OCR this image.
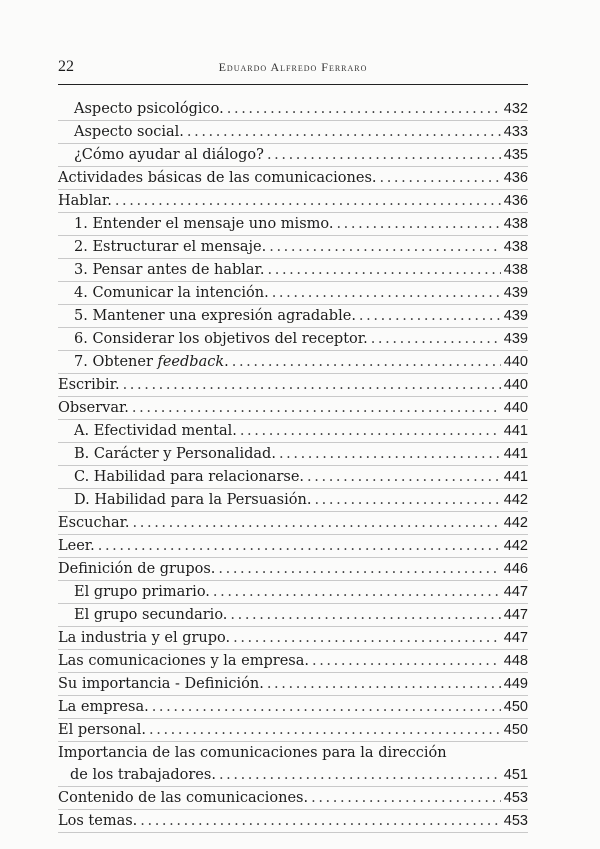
22	Eduardo Alfredo Ferraro
Aspecto psicológico. . . .	432
Aspecto social. . . .	433
¿Cómo ayudar al diálogo? . . .	435
Actividades básicas de las comunicaciones. . . .	436
Hablar. . . .	436
1. Entender el mensaje uno mismo. . . .	438
2. Estructurar el mensaje. . . .	438
3. Pensar antes de hablar. . . .	438
4. Comunicar la intención. . . .	439
5. Mantener una expresión agradable. . . .	439
6. Considerar los objetivos del receptor. . . .	439
7. Obtener feedback. . . .	440
Escribir. . . .	440
Observar. . . .	440
A. Efectividad mental. . . .	441
B. Carácter y Personalidad. . . .	441
C. Habilidad para relacionarse. . . .	441
D. Habilidad para la Persuasión. . . .	442
Escuchar. . . .	442
Leer. . . .	442
Definición de grupos. . . .	446
El grupo primario. . . .	447
El grupo secundario. . . .	447
La industria y el grupo. . . .	447
Las comunicaciones y la empresa. . . .	448
Su importancia - Definición. . . .	449
La empresa. . . .	450
El personal. . . .	450
Importancia de las comunicaciones para la dirección
de los trabajadores. . . .	451
Contenido de las comunicaciones. . . .	453
Los temas. . . .	453
